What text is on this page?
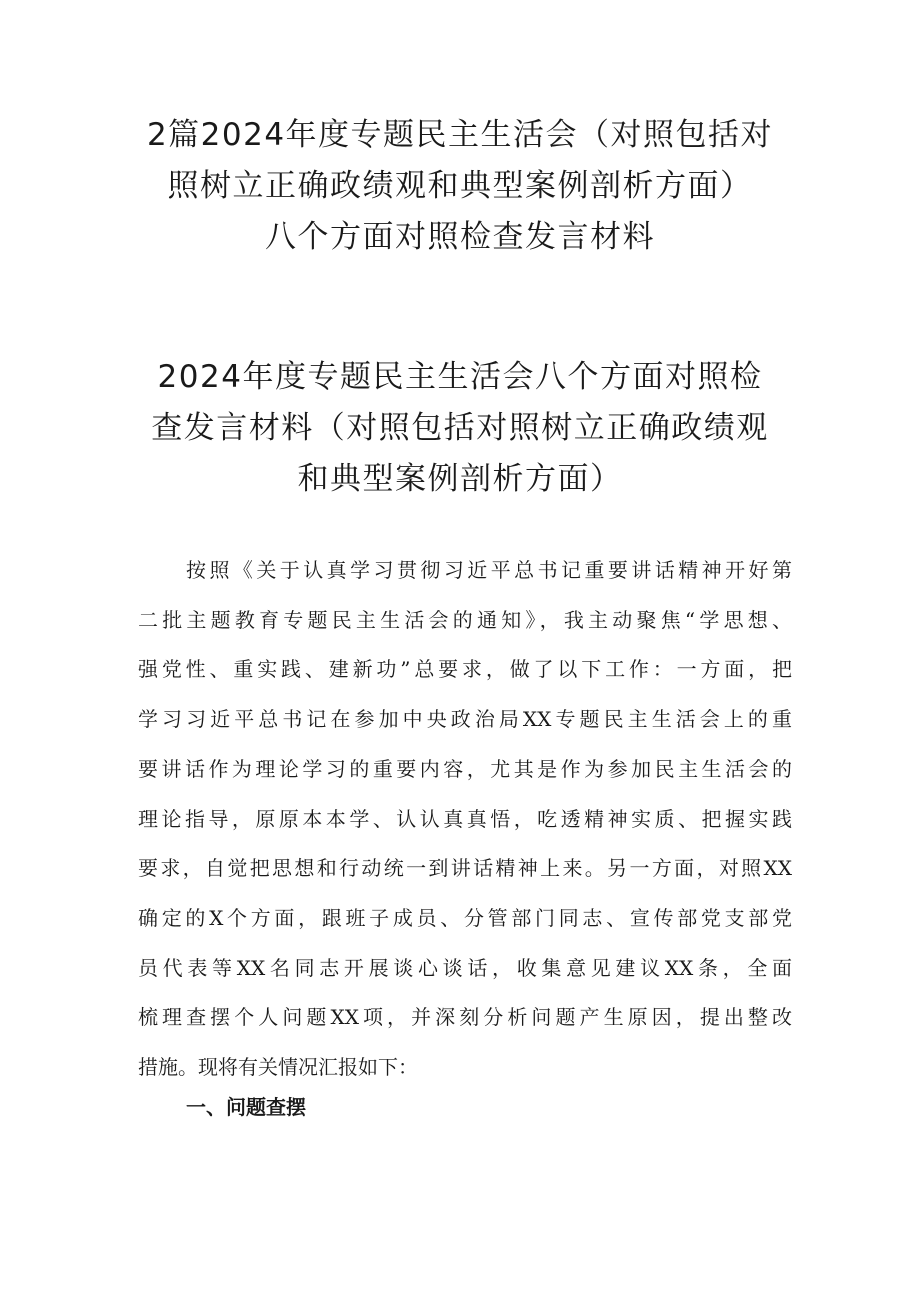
2篇2024年度专题民主生活会（对照包括对
照树立正确政绩观和典型案例剖析方面）
八个方面对照检查发言材料
2024年度专题民主生活会八个方面对照检
查发言材料（对照包括对照树立正确政绩观
和典型案例剖析方面）

按照《关于认真学习贯彻习近平总书记重要讲话精神开好第
二批主题教育专题民主生活会的通知》，我主动聚焦“学思想、
强党性、重实践、建新功”总要求，做了以下工作：一方面，把
学习习近平总书记在参加中央政治局XX专题民主生活会上的重
要讲话作为理论学习的重要内容，尤其是作为参加民主生活会的
理论指导，原原本本学、认认真真悟，吃透精神实质、把握实践
要求，自觉把思想和行动统一到讲话精神上来。另一方面，对照XX
确定的X个方面，跟班子成员、分管部门同志、宣传部党支部党
员代表等XX名同志开展谈心谈话，收集意见建议XX条，全面
梳理查摆个人问题XX项，并深刻分析问题产生原因，提出整改
措施。现将有关情况汇报如下：

一、问题查摆
